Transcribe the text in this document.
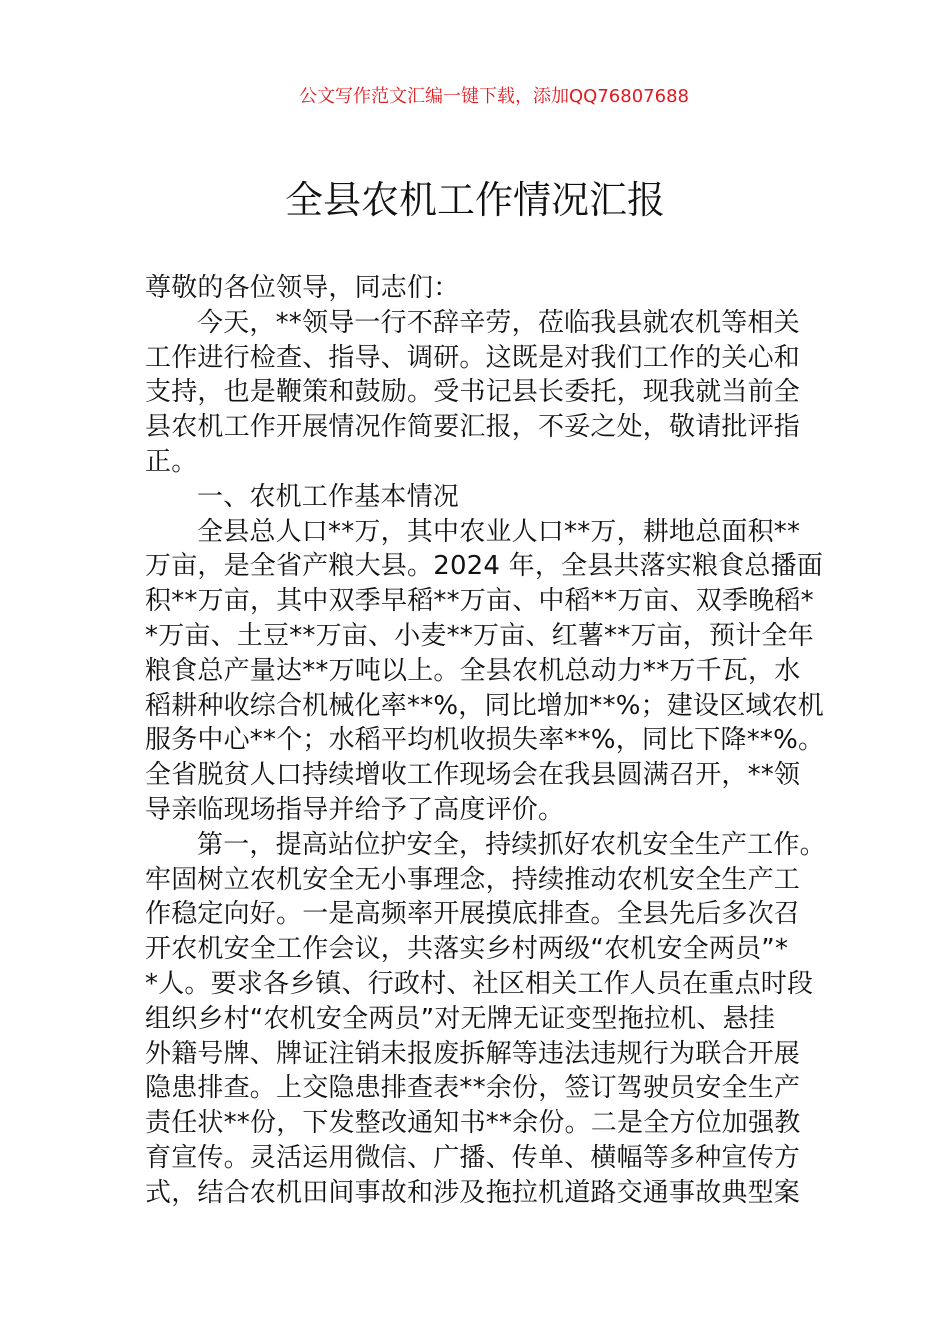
公文写作范文汇编一键下载，添加QQ76807688
全县农机工作情况汇报
尊敬的各位领导，同志们：
今天，**领导一行不辞辛劳，莅临我县就农机等相关
工作进行检查、指导、调研。这既是对我们工作的关心和
支持，也是鞭策和鼓励。受书记县长委托，现我就当前全
县农机工作开展情况作简要汇报，不妥之处，敬请批评指
正。
一、农机工作基本情况
全县总人口**万，其中农业人口**万，耕地总面积**
万亩，是全省产粮大县。2024 年，全县共落实粮食总播面
积**万亩，其中双季早稻**万亩、中稻**万亩、双季晚稻*
*万亩、土豆**万亩、小麦**万亩、红薯**万亩，预计全年
粮食总产量达**万吨以上。全县农机总动力**万千瓦，水
稻耕种收综合机械化率**%，同比增加**%；建设区域农机
服务中心**个；水稻平均机收损失率**%，同比下降**%。
全省脱贫人口持续增收工作现场会在我县圆满召开，**领
导亲临现场指导并给予了高度评价。
第一，提高站位护安全，持续抓好农机安全生产工作。
牢固树立农机安全无小事理念，持续推动农机安全生产工
作稳定向好。一是高频率开展摸底排查。全县先后多次召
开农机安全工作会议，共落实乡村两级“农机安全两员”*
*人。要求各乡镇、行政村、社区相关工作人员在重点时段
组织乡村“农机安全两员”对无牌无证变型拖拉机、悬挂
外籍号牌、牌证注销未报废拆解等违法违规行为联合开展
隐患排查。上交隐患排查表**余份，签订驾驶员安全生产
责任状**份，下发整改通知书**余份。二是全方位加强教
育宣传。灵活运用微信、广播、传单、横幅等多种宣传方
式，结合农机田间事故和涉及拖拉机道路交通事故典型案
